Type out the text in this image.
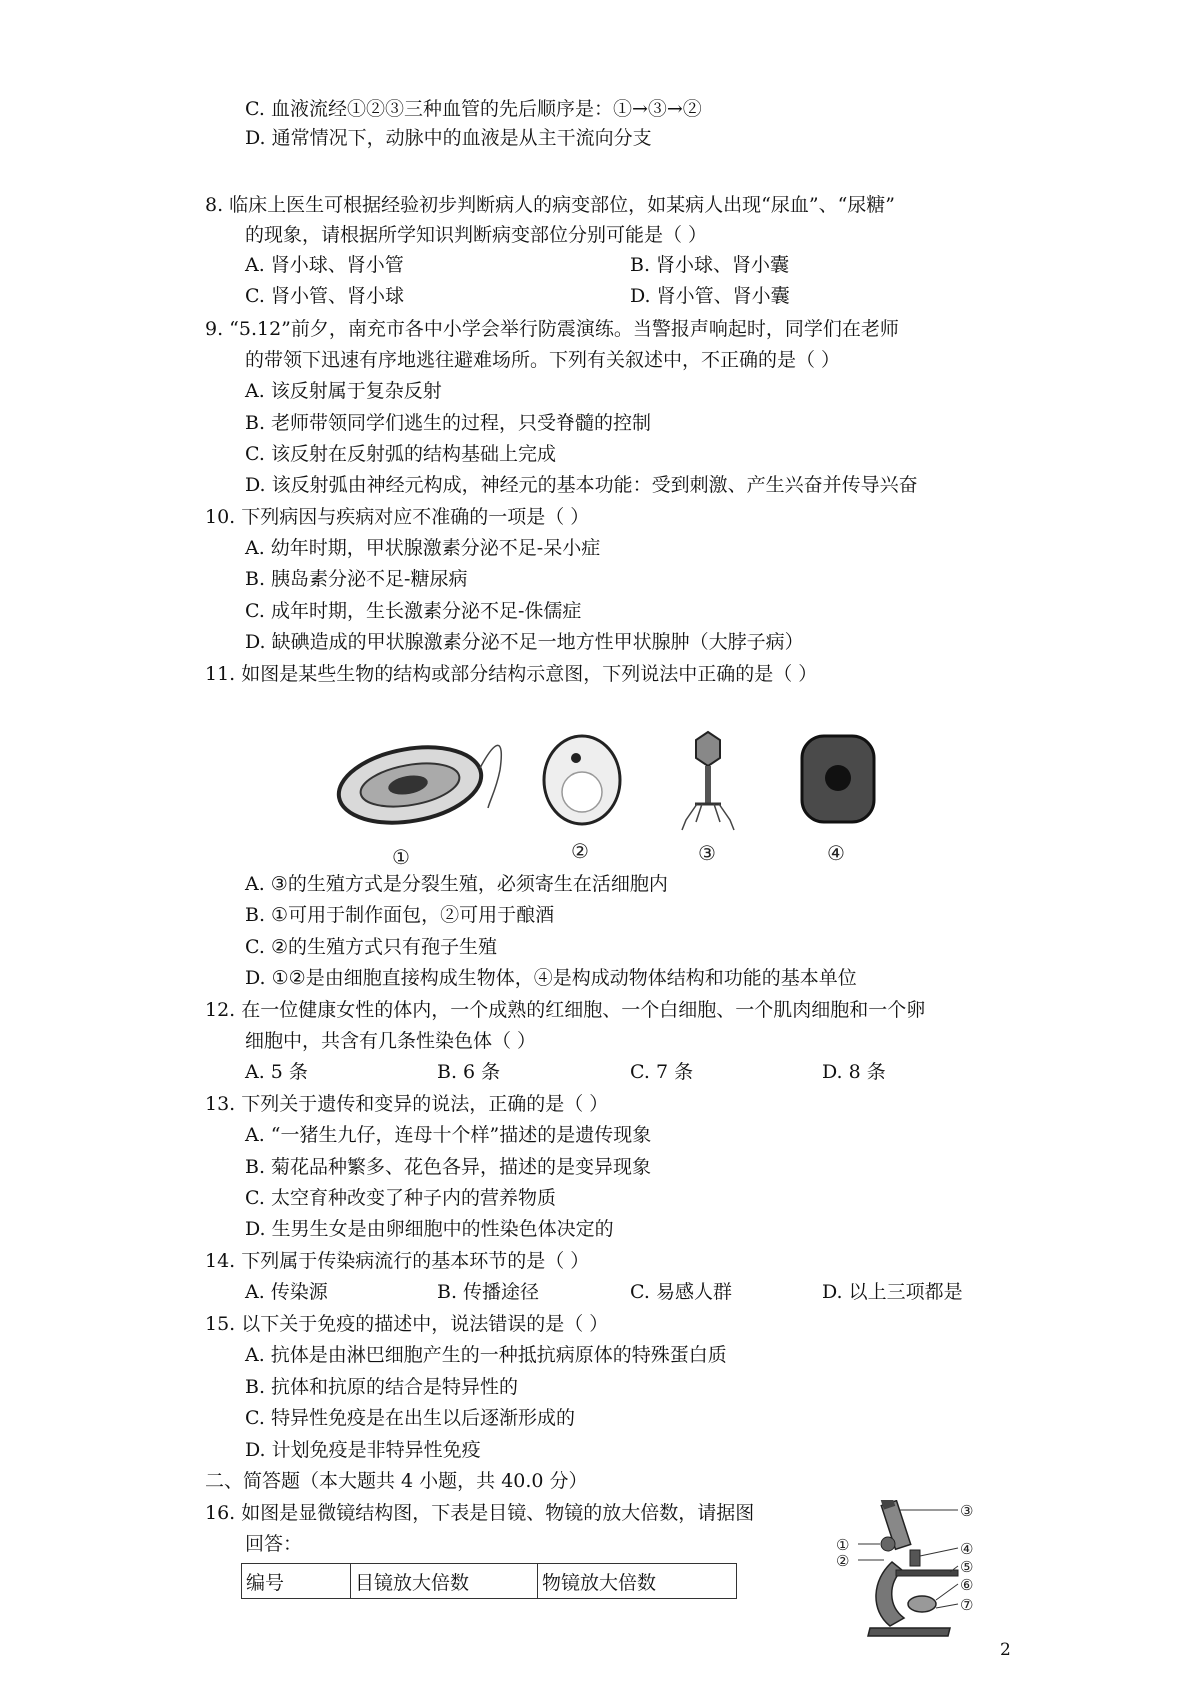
C. 血液流经①②③三种血管的先后顺序是：①→③→②
D. 通常情况下，动脉中的血液是从主干流向分支
8. 临床上医生可根据经验初步判断病人的病变部位，如某病人出现“尿血”、“尿糖”
的现象，请根据所学知识判断病变部位分别可能是（ ）
A. 肾小球、肾小管	B. 肾小球、肾小囊
C. 肾小管、肾小球	D. 肾小管、肾小囊
9. “5.12”前夕，南充市各中小学会举行防震演练。当警报声响起时，同学们在老师
的带领下迅速有序地逃往避难场所。下列有关叙述中，不正确的是（ ）
A. 该反射属于复杂反射
B. 老师带领同学们逃生的过程，只受脊髓的控制
C. 该反射在反射弧的结构基础上完成
D. 该反射弧由神经元构成，神经元的基本功能：受到刺激、产生兴奋并传导兴奋
10. 下列病因与疾病对应不准确的一项是（ ）
A. 幼年时期，甲状腺激素分泌不足-呆小症
B. 胰岛素分泌不足-糖尿病
C. 成年时期，生长激素分泌不足-侏儒症
D. 缺碘造成的甲状腺激素分泌不足一地方性甲状腺肿（大脖子病）
11. 如图是某些生物的结构或部分结构示意图，下列说法中正确的是（ ）
①	②	③	④
A. ③的生殖方式是分裂生殖，必须寄生在活细胞内
B. ①可用于制作面包，②可用于酿酒
C. ②的生殖方式只有孢子生殖
D. ①②是由细胞直接构成生物体，④是构成动物体结构和功能的基本单位
12. 在一位健康女性的体内，一个成熟的红细胞、一个白细胞、一个肌肉细胞和一个卵
细胞中，共含有几条性染色体（ ）
A. 5 条	B. 6 条	C. 7 条	D. 8 条
13. 下列关于遗传和变异的说法，正确的是（ ）
A. “一猪生九仔，连母十个样”描述的是遗传现象
B. 菊花品种繁多、花色各异，描述的是变异现象
C. 太空育种改变了种子内的营养物质
D. 生男生女是由卵细胞中的性染色体决定的
14. 下列属于传染病流行的基本环节的是（ ）
A. 传染源	B. 传播途径	C. 易感人群	D. 以上三项都是
15. 以下关于免疫的描述中，说法错误的是（ ）
A. 抗体是由淋巴细胞产生的一种抵抗病原体的特殊蛋白质
B. 抗体和抗原的结合是特异性的
C. 特异性免疫是在出生以后逐渐形成的
D. 计划免疫是非特异性免疫
二、简答题（本大题共 4 小题，共 40.0 分）
16. 如图是显微镜结构图，下表是目镜、物镜的放大倍数，请据图
回答：
编号	目镜放大倍数	物镜放大倍数
①
②
③
④
⑤
⑥
⑦
2
